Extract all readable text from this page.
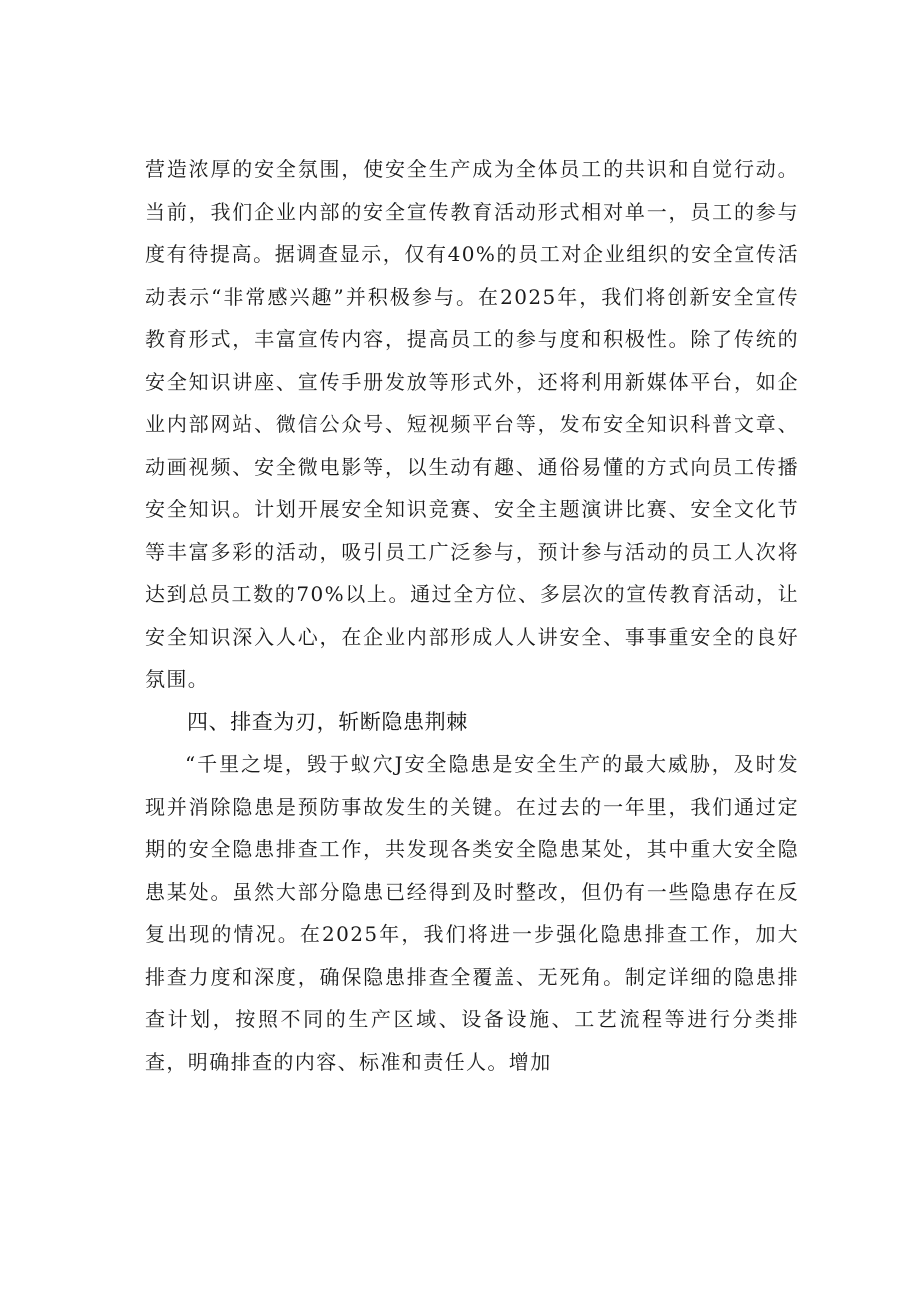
营造浓厚的安全氛围，使安全生产成为全体员工的共识和自觉行动。当前，我们企业内部的安全宣传教育活动形式相对单一，员工的参与度有待提高。据调查显示，仅有40%的员工对企业组织的安全宣传活动表示“非常感兴趣”并积极参与。在2025年，我们将创新安全宣传教育形式，丰富宣传内容，提高员工的参与度和积极性。除了传统的安全知识讲座、宣传手册发放等形式外，还将利用新媒体平台，如企业内部网站、微信公众号、短视频平台等，发布安全知识科普文章、动画视频、安全微电影等，以生动有趣、通俗易懂的方式向员工传播安全知识。计划开展安全知识竞赛、安全主题演讲比赛、安全文化节等丰富多彩的活动，吸引员工广泛参与，预计参与活动的员工人次将达到总员工数的70%以上。通过全方位、多层次的宣传教育活动，让安全知识深入人心，在企业内部形成人人讲安全、事事重安全的良好氛围。

四、排查为刃，斩断隐患荆棘

“千里之堤，毁于蚁穴J安全隐患是安全生产的最大威胁，及时发现并消除隐患是预防事故发生的关键。在过去的一年里，我们通过定期的安全隐患排查工作，共发现各类安全隐患某处，其中重大安全隐患某处。虽然大部分隐患已经得到及时整改，但仍有一些隐患存在反复出现的情况。在2025年，我们将进一步强化隐患排查工作，加大排查力度和深度，确保隐患排查全覆盖、无死角。制定详细的隐患排查计划，按照不同的生产区域、设备设施、工艺流程等进行分类排查，明确排查的内容、标准和责任人。增加
